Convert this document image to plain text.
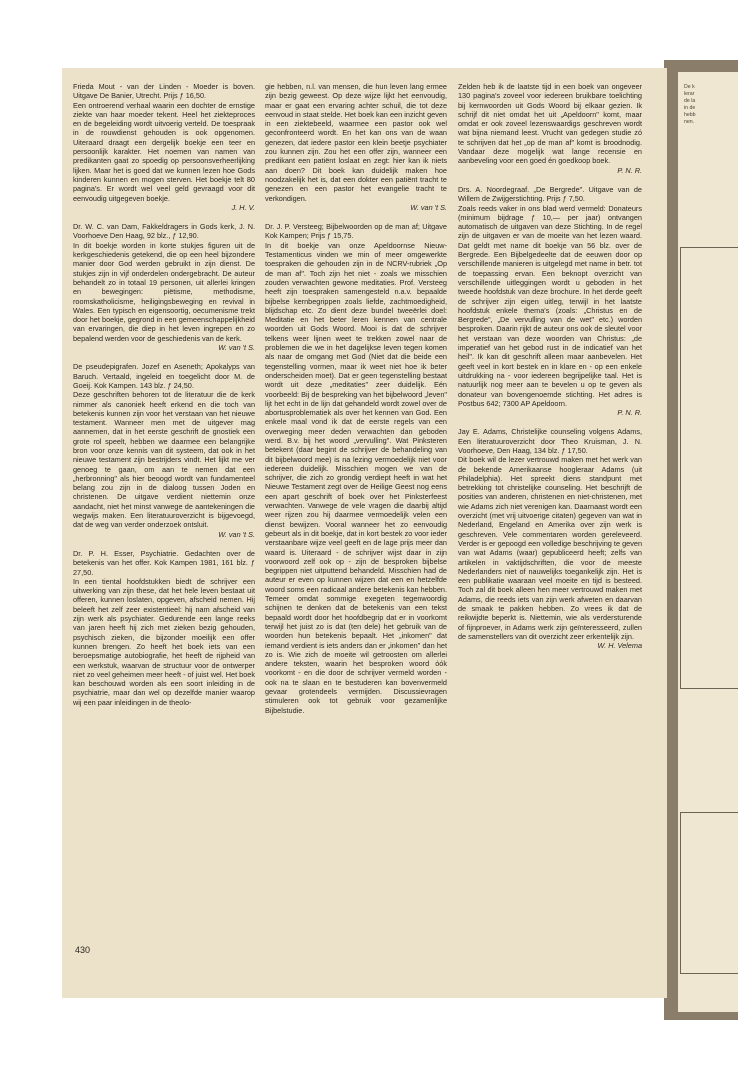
De k
lerar
de la
in de
hebb
nen.

Frieda Mout - van der Linden - Moeder is boven. Uitgave De Banier, Utrecht. Prijs ƒ 16,50.

Een ontroerend verhaal waarin een dochter de ernstige ziekte van haar moeder tekent. Heel het ziekteproces en de begeleiding wordt uitvoerig verteld. De toespraak in de rouwdienst gehouden is ook opgenomen. Uiteraard draagt een dergelijk boekje een teer en persoonlijk karakter. Het noemen van namen van predikanten gaat zo spoedig op persoonsverheerlijking lijken. Maar het is goed dat we kunnen lezen hoe Gods kinderen kunnen en mogen sterven. Het boekje telt 80 pagina's. Er wordt wel veel geld gevraagd voor dit eenvoudig uitgegeven boekje.

J. H. V.

Dr. W. C. van Dam, Fakkeldragers in Gods kerk, J. N. Voorhoeve Den Haag, 92 blz., ƒ 12,90.

In dit boekje worden in korte stukjes figuren uit de kerkgeschiedenis getekend, die op een heel bijzondere manier door God werden gebruikt in zijn dienst. De stukjes zijn in vijf onderdelen ondergebracht. De auteur behandelt zo in totaal 19 personen, uit allerlei kringen en bewegingen: piëtisme, methodisme, roomskatholicisme, heiligingsbeweging en revival in Wales. Een typisch en eigensoortig, oecumenisme trekt door het boekje, gegrond in een gemeenschappelijkheid van ervaringen, die diep in het leven ingrepen en zo bepalend werden voor de geschiedenis van de kerk.

W. van 't S.

De pseudepigrafen. Jozef en Aseneth; Apokalyps van Baruch. Vertaald, ingeleid en toegelicht door M. de Goeij. Kok Kampen. 143 blz. ƒ 24,50.

Deze geschriften behoren tot de literatuur die de kerk nimmer als canoniek heeft erkend en die toch van betekenis kunnen zijn voor het verstaan van het nieuwe testament. Wanneer men met de uitgever mag aannemen, dat in het eerste geschrift de gnostiek een grote rol speelt, hebben we daarmee een belangrijke bron voor onze kennis van dit systeem, dat ook in het nieuwe testament zijn bestrijders vindt. Het lijkt me ver genoeg te gaan, om aan te nemen dat een „herbronning" als hier beoogd wordt van fundamenteel belang zou zijn in de dialoog tussen Joden en christenen. De uitgave verdient niettemin onze aandacht, niet het minst vanwege de aantekeningen die wegwijs maken. Een literatuuroverzicht is bijgevoegd, dat de weg van verder onderzoek ontsluit.

W. van 't S.

Dr. P. H. Esser, Psychiatrie. Gedachten over de betekenis van het offer. Kok Kampen 1981, 161 blz. ƒ 27,50.

In een tiental hoofdstukken biedt de schrijver een uitwerking van zijn these, dat het hele leven bestaat uit offeren, kunnen loslaten, opgeven, afscheid nemen. Hij beleeft het zelf zeer existentieel: hij nam afscheid van zijn werk als psychiater. Gedurende een lange reeks van jaren heeft hij zich met zieken bezig gehouden, psychisch zieken, die bijzonder moeilijk een offer kunnen brengen. Zo heeft het boek iets van een beroepsmatige autobiografie, het heeft de rijpheid van een werkstuk, waarvan de structuur voor de ontwerper niet zo veel geheimen meer heeft - of juist wel. Het boek kan beschouwd worden als een soort inleiding in de psychiatrie, maar dan wel op dezelfde manier waarop wij een paar inleidingen in de theolo-

gie hebben, n.l. van mensen, die hun leven lang ermee zijn bezig geweest. Op deze wijze lijkt het eenvoudig, maar er gaat een ervaring achter schuil, die tot deze eenvoud in staat stelde. Het boek kan een inzicht geven in een ziektebeeld, waarmee een pastor ook wel geconfronteerd wordt. En het kan ons van de waan genezen, dat iedere pastor een klein beetje psychiater zou kunnen zijn. Zou het een offer zijn, wanneer een predikant een patiënt loslaat en zegt: hier kan ik niets aan doen? Dit boek kan duidelijk maken hoe noodzakelijk het is, dat een dokter een patiënt tracht te genezen en een pastor het evangelie tracht te verkondigen.

W. van 't S.

Dr. J. P. Versteeg; Bijbelwoorden op de man af; Uitgave Kok Kampen; Prijs ƒ 15,75.

In dit boekje van onze Apeldoornse Nieuw-Testamenticus vinden we min of meer omgewerkte toespraken die gehouden zijn in de NCRV-rubriek „Op de man af". Toch zijn het niet - zoals we misschien zouden verwachten gewone meditaties. Prof. Versteeg heeft zijn toespraken samengesteld n.a.v. bepaalde bijbelse kernbegrippen zoals liefde, zachtmoedigheid, blijdschap etc. Zo dient deze bundel tweeërlei doel: Meditatie en het beter leren kennen van centrale woorden uit Gods Woord. Mooi is dat de schrijver telkens weer lijnen weet te trekken zowel naar de problemen die we in het dagelijkse leven tegen komen als naar de omgang met God (Niet dat die beide een tegenstelling vormen, maar ik weet niet hoe ik beter onderscheiden moet). Dat er geen tegenstelling bestaat wordt uit deze „meditaties" zeer duidelijk. Eén voorbeeld: Bij de bespreking van het bijbelwoord „leven" lijt het echt in de lijn dat gehandeld wordt zowel over de abortusproblematiek als over het kennen van God. Een enkele maal vond ik dat de eerste regels van een overweging meer deden verwachten dan geboden werd. B.v. bij het woord „vervulling". Wat Pinksteren betekent (daar begint de schrijver de behandeling van dit bijbelwoord mee) is na lezing vermoedelijk niet voor iedereen duidelijk. Misschien mogen we van de schrijver, die zich zo grondig verdiept heeft in wat het Nieuwe Testament zegt over de Heilige Geest nog eens een apart geschrift of boek over het Pinksterfeest verwachten. Vanwege de vele vragen die daarbij altijd weer rijzen zou hij daarmee vermoedelijk velen een dienst bewijzen. Vooral wanneer het zo eenvoudig gebeurt als in dit boekje, dat in kort bestek zo voor ieder verstaanbare wijze veel geeft en de lage prijs meer dan waard is. Uiteraard - de schrijver wijst daar in zijn voorwoord zelf ook op - zijn de besproken bijbelse begrippen niet uitputtend behandeld. Misschien had de auteur er even op kunnen wijzen dat een en hetzelfde woord soms een radicaal andere betekenis kan hebben. Temeer omdat sommige exegeten tegenwoordig schijnen te denken dat de betekenis van een tekst bepaald wordt door het hoofdbegrip dat er in voorkomt terwijl het juist zo is dat (ten dele) het gebruik van de woorden hun betekenis bepaalt. Het „inkomen" dat iemand verdient is iets anders dan er „inkomen" dan het zo is. Wie zich de moeite wil getroosten om allerlei andere teksten, waarin het besproken woord óók voorkomt - en die door de schrijver vermeld worden - ook na te slaan en te bestuderen kan bovenvermeld gevaar grotendeels vermijden. Discussievragen stimuleren ook tot gebruik voor gezamenlijke Bijbelstudie.

Zelden heb ik de laatste tijd in een boek van ongeveer 130 pagina's zoveel voor iedereen bruikbare toelichting bij kernwoorden uit Gods Woord bij elkaar gezien. Ik schrijf dit niet omdat het uit „Apeldoorn" komt, maar omdat er ook zoveel lezenswaardigs geschreven wordt wat bijna niemand leest. Vrucht van gedegen studie zó te schrijven dat het „op de man af" komt is broodnodig. Vandaar deze mogelijk wat lange recensie en aanbeveling voor een goed én goedkoop boek.

P. N. R.

Drs. A. Noordegraaf. „De Bergrede". Uitgave van de Willem de Zwijgerstichting. Prijs ƒ 7,50.

Zoals reeds vaker in ons blad werd vermeld: Donateurs (minimum bijdrage ƒ 10,— per jaar) ontvangen automatisch de uitgaven van deze Stichting. In de regel zijn de uitgaven er van de moeite van het lezen waard. Dat geldt met name dit boekje van 56 blz. over de Bergrede. Een Bijbelgedeelte dat de eeuwen door op verschillende manieren is uitgelegd met name in betr. tot de toepassing ervan. Een beknopt overzicht van verschillende uitleggingen wordt u geboden in het tweede hoofdstuk van deze brochure. In het derde geeft de schrijver zijn eigen uitleg, terwijl in het laatste hoofdstuk enkele thema's (zoals: „Christus en de Bergrede", „De vervulling van de wet" etc.) worden besproken. Daarin rijkt de auteur ons ook de sleutel voor het verstaan van deze woorden van Christus: „de imperatief van het gebod rust in de indicatief van het heil". Ik kan dit geschrift alleen maar aanbevelen. Het geeft veel in kort bestek en in klare en - op een enkele uitdrukking na - voor iedereen begrijpelijke taal. Het is natuurlijk nog meer aan te bevelen u op te geven als donateur van bovengenoemde stichting. Het adres is Postbus 642; 7300 AP Apeldoorn.

P. N. R.

Jay E. Adams, Christelijke counseling volgens Adams, Een literatuuroverzicht door Theo Kruisman, J. N. Voorhoeve, Den Haag, 134 blz. ƒ 17,50.

Dit boek wil de lezer vertrouwd maken met het werk van de bekende Amerikaanse hoogleraar Adams (uit Philadelphia). Het spreekt diens standpunt met betrekking tot christelijke counseling. Het beschrijft de posities van anderen, christenen en niet-christenen, met wie Adams zich niet verenigen kan. Daarnaast wordt een overzicht (met vrij uitvoerige citaten) gegeven van wat in Nederland, Engeland en Amerika over zijn werk is geschreven. Vele commentaren worden gereleveerd. Verder is er gepoogd een volledige beschrijving te geven van wat Adams (waar) gepubliceerd heeft; zelfs van artikelen in vaktijdschriften, die voor de meeste Nederlanders niet of nauwelijks toegankelijk zijn. Het is een publikatie waaraan veel moeite en tijd is besteed. Toch zal dit boek alleen hen meer vertrouwd maken met Adams, die reeds iets van zijn werk afweten en daarvan de smaak te pakken hebben. Zo vrees ik dat de reikwijdte beperkt is. Niettemin, wie als verdersturende of fijnproever, in Adams werk zijn geïnteresseerd, zullen de samenstellers van dit overzicht zeer erkentelijk zijn.

W. H. Velema

430
